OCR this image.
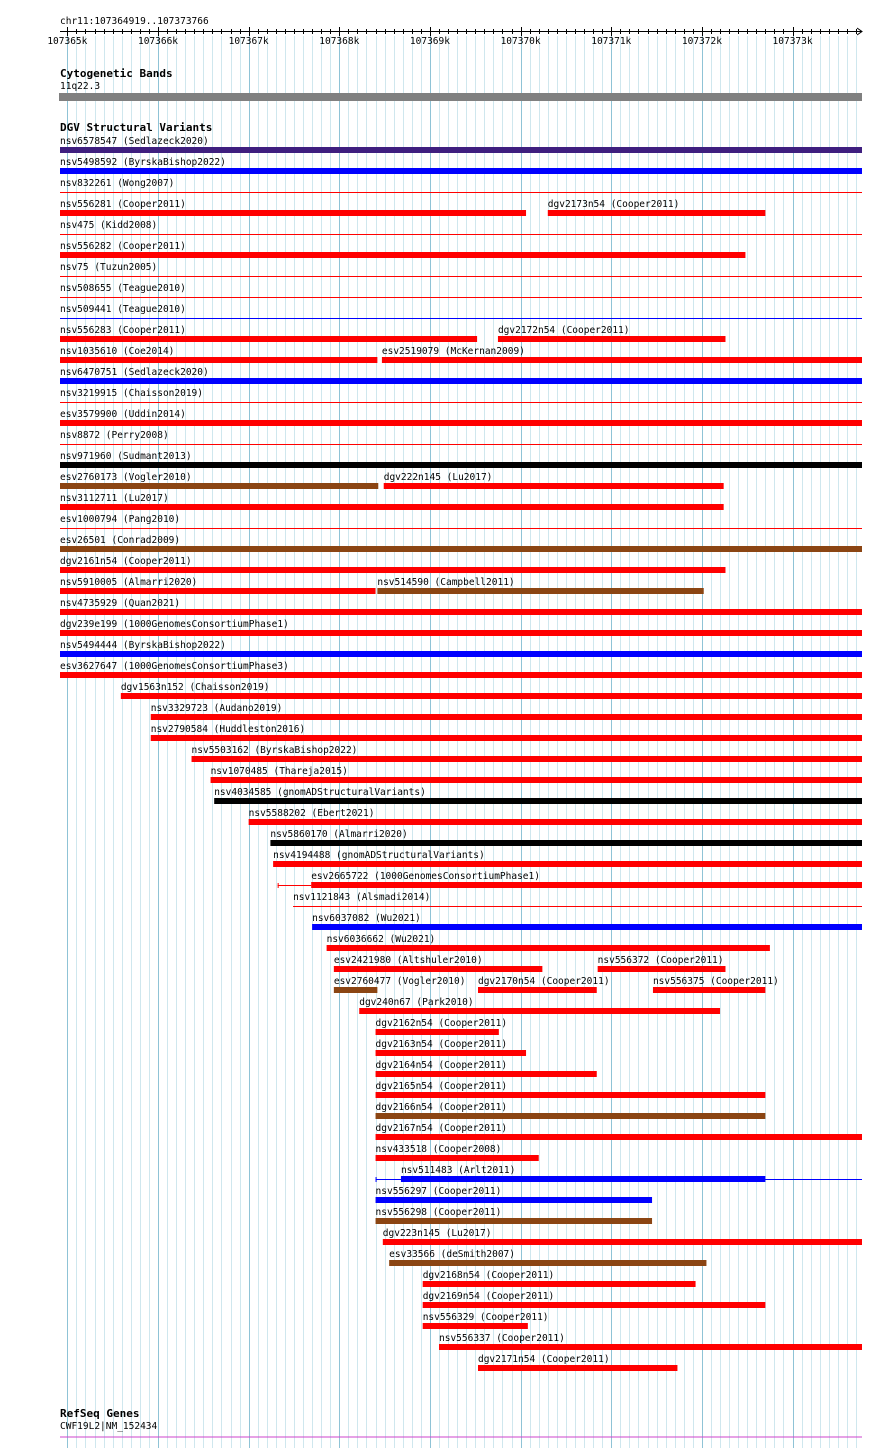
chr11:107364919..107373766
107365k	107366k	107367k	107368k	107369k	107370k	107371k	107372k	107373k
Cytogenetic Bands
11q22.3
DGV Structural Variants
nsv6578547 (Sedlazeck2020)
nsv5498592 (ByrskaBishop2022)
nsv832261 (Wong2007)
nsv556281 (Cooper2011)	dgv2173n54 (Cooper2011)
nsv475 (Kidd2008)
nsv556282 (Cooper2011)
nsv75 (Tuzun2005)
nsv508655 (Teague2010)
nsv509441 (Teague2010)
nsv556283 (Cooper2011)	dgv2172n54 (Cooper2011)
nsv1035610 (Coe2014)	esv2519079 (McKernan2009)
nsv6470751 (Sedlazeck2020)
nsv3219915 (Chaisson2019)
esv3579900 (Uddin2014)
nsv8872 (Perry2008)
nsv971960 (Sudmant2013)
esv2760173 (Vogler2010)	dgv222n145 (Lu2017)
nsv3112711 (Lu2017)
esv1000794 (Pang2010)
esv26501 (Conrad2009)
dgv2161n54 (Cooper2011)
nsv5910005 (Almarri2020)	nsv514590 (Campbell2011)
nsv4735929 (Quan2021)
dgv239e199 (1000GenomesConsortiumPhase1)
nsv5494444 (ByrskaBishop2022)
esv3627647 (1000GenomesConsortiumPhase3)
dgv1563n152 (Chaisson2019)
nsv3329723 (Audano2019)
nsv2790584 (Huddleston2016)
nsv5503162 (ByrskaBishop2022)
nsv1070485 (Thareja2015)
nsv4034585 (gnomADStructuralVariants)
nsv5588202 (Ebert2021)
nsv5860170 (Almarri2020)
nsv4194488 (gnomADStructuralVariants)
esv2665722 (1000GenomesConsortiumPhase1)
nsv1121843 (Alsmadi2014)
nsv6037082 (Wu2021)
nsv6036662 (Wu2021)
esv2421980 (Altshuler2010)	nsv556372 (Cooper2011)
esv2760477 (Vogler2010) dgv2170n54 (Cooper2011)	nsv556375 (Cooper2011)
dgv240n67 (Park2010)
dgv2162n54 (Cooper2011)
dgv2163n54 (Cooper2011)
dgv2164n54 (Cooper2011)
dgv2165n54 (Cooper2011)
dgv2166n54 (Cooper2011)
dgv2167n54 (Cooper2011)
nsv433518 (Cooper2008)
nsv511483 (Arlt2011)
nsv556297 (Cooper2011)
nsv556298 (Cooper2011)
dgv223n145 (Lu2017)
esv33566 (deSmith2007)
dgv2168n54 (Cooper2011)
dgv2169n54 (Cooper2011)
nsv556329 (Cooper2011)
nsv556337 (Cooper2011)
dgv2171n54 (Cooper2011)
RefSeq Genes
CWF19L2|NM_152434
